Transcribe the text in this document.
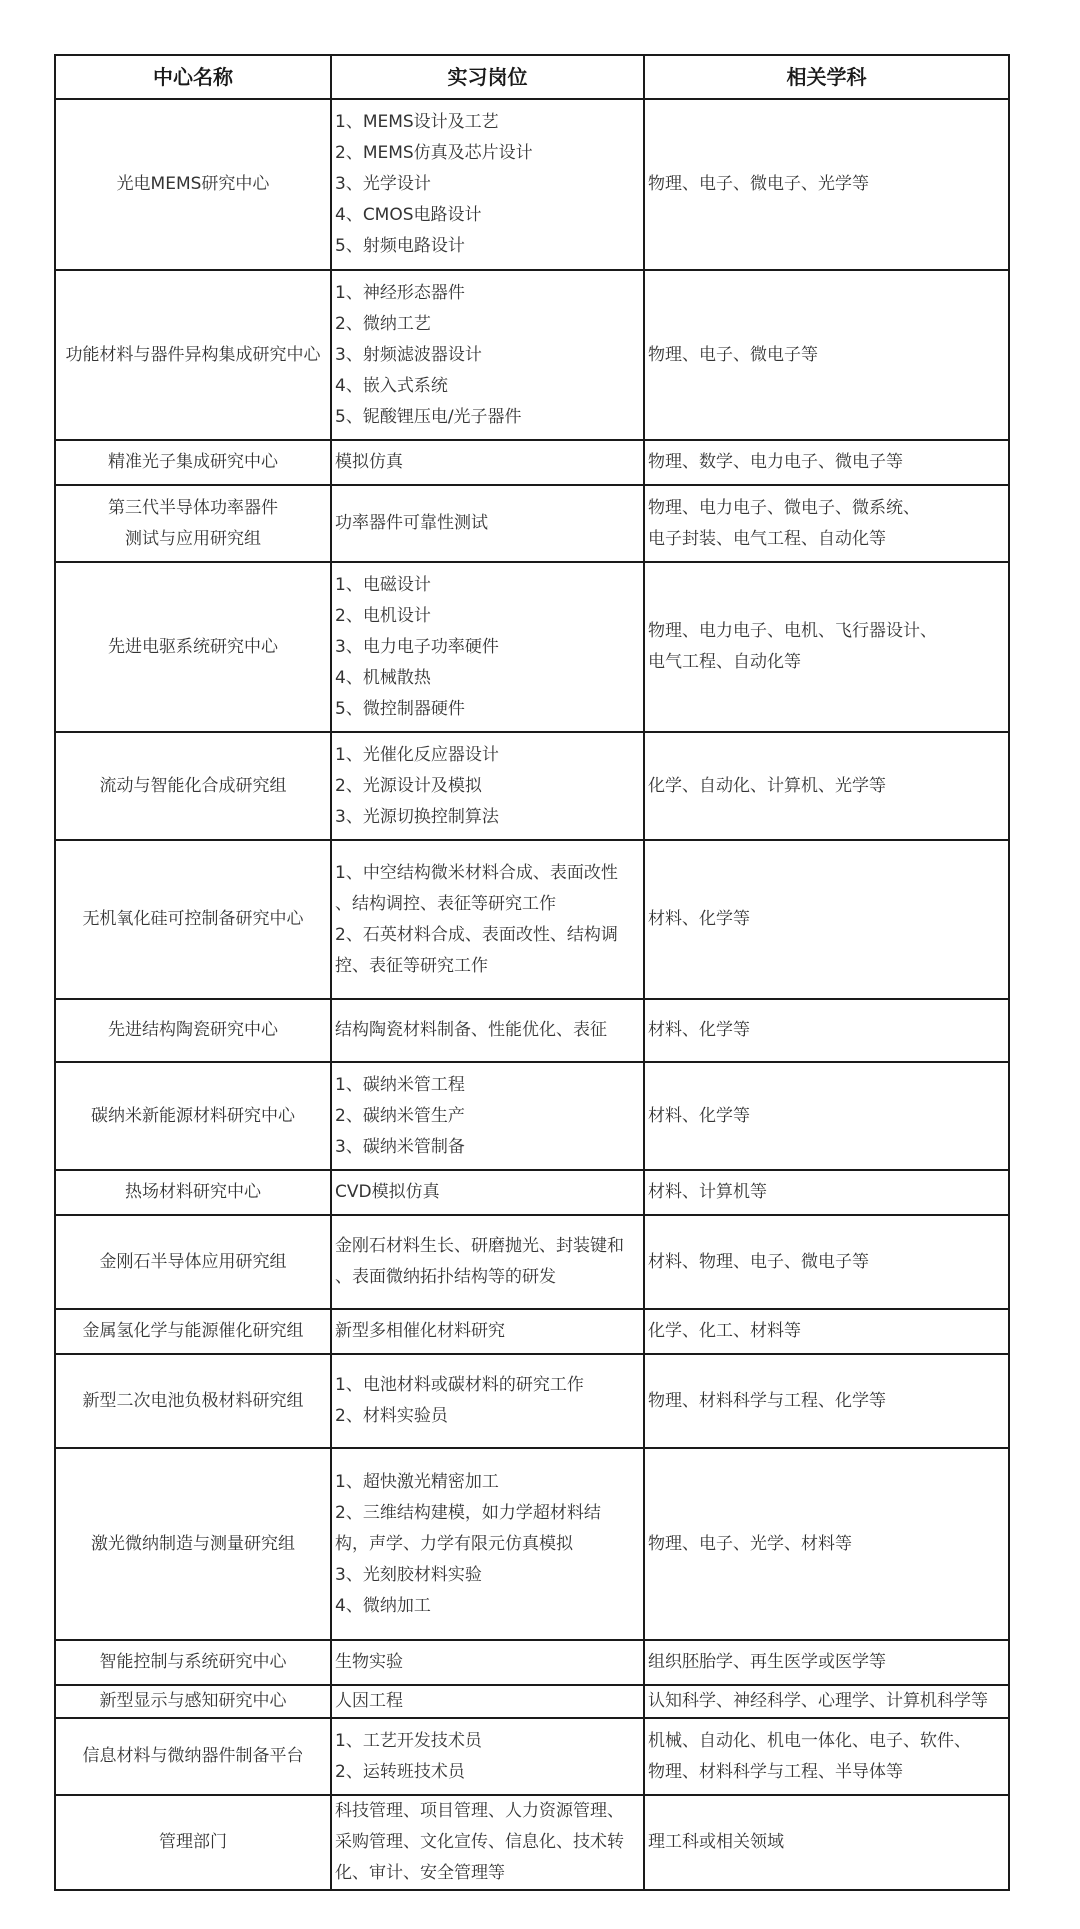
中心名称	实习岗位	相关学科

光电MEMS研究中心	1、MEMS设计及工艺
2、MEMS仿真及芯片设计
3、光学设计
4、CMOS电路设计
5、射频电路设计	物理、电子、微电子、光学等

功能材料与器件异构集成研究中心	1、神经形态器件
2、微纳工艺
3、射频滤波器设计
4、嵌入式系统
5、铌酸锂压电/光子器件	物理、电子、微电子等

精准光子集成研究中心	模拟仿真	物理、数学、电力电子、微电子等

第三代半导体功率器件
测试与应用研究组	功率器件可靠性测试	物理、电力电子、微电子、微系统、
电子封装、电气工程、自动化等

先进电驱系统研究中心	1、电磁设计
2、电机设计
3、电力电子功率硬件
4、机械散热
5、微控制器硬件	物理、电力电子、电机、飞行器设计、
电气工程、自动化等

流动与智能化合成研究组	1、光催化反应器设计
2、光源设计及模拟
3、光源切换控制算法	化学、自动化、计算机、光学等

无机氧化硅可控制备研究中心	1、中空结构微米材料合成、表面改性
、结构调控、表征等研究工作
2、石英材料合成、表面改性、结构调
控、表征等研究工作	材料、化学等

先进结构陶瓷研究中心	结构陶瓷材料制备、性能优化、表征	材料、化学等

碳纳米新能源材料研究中心	1、碳纳米管工程
2、碳纳米管生产
3、碳纳米管制备	材料、化学等

热场材料研究中心	CVD模拟仿真	材料、计算机等

金刚石半导体应用研究组	金刚石材料生长、研磨抛光、封装键和
、表面微纳拓扑结构等的研发	材料、物理、电子、微电子等

金属氢化学与能源催化研究组	新型多相催化材料研究	化学、化工、材料等

新型二次电池负极材料研究组	1、电池材料或碳材料的研究工作
2、材料实验员	物理、材料科学与工程、化学等

激光微纳制造与测量研究组	1、超快激光精密加工
2、三维结构建模，如力学超材料结
构，声学、力学有限元仿真模拟
3、光刻胶材料实验
4、微纳加工	物理、电子、光学、材料等

智能控制与系统研究中心	生物实验	组织胚胎学、再生医学或医学等

新型显示与感知研究中心	人因工程	认知科学、神经科学、心理学、计算机科学等

信息材料与微纳器件制备平台	1、工艺开发技术员
2、运转班技术员	机械、自动化、机电一体化、电子、软件、
物理、材料科学与工程、半导体等

管理部门	科技管理、项目管理、人力资源管理、
采购管理、文化宣传、信息化、技术转
化、审计、安全管理等	理工科或相关领域
